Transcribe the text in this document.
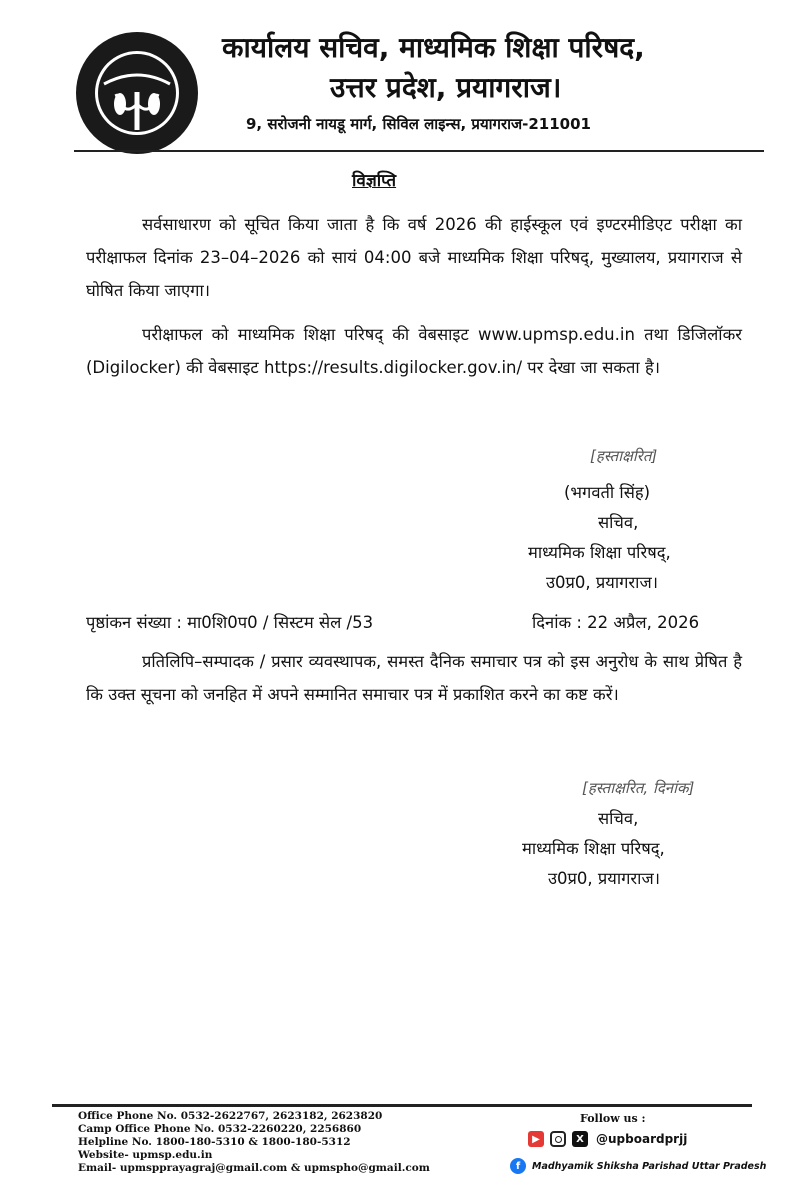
कार्यालय सचिव, माध्यमिक शिक्षा परिषद,
उत्तर प्रदेश, प्रयागराज।
9, सरोजनी नायडू मार्ग, सिविल लाइन्स, प्रयागराज-211001
विज्ञप्ति
सर्वसाधारण को सूचित किया जाता है कि वर्ष 2026 की हाईस्कूल एवं इण्टरमीडिएट परीक्षा का परीक्षाफल दिनांक 23–04–2026 को सायं 04:00 बजे माध्यमिक शिक्षा परिषद्, मुख्यालय, प्रयागराज से घोषित किया जाएगा।
परीक्षाफल को माध्यमिक शिक्षा परिषद् की वेबसाइट www.upmsp.edu.in तथा डिजिलॉकर (Digilocker) की वेबसाइट https://results.digilocker.gov.in/ पर देखा जा सकता है।
[हस्ताक्षरित]
(भगवती सिंह)
सचिव,
माध्यमिक शिक्षा परिषद्,
उ0प्र0, प्रयागराज।
पृष्ठांकन संख्या : मा0शि0प0 / सिस्टम सेल /53	दिनांक : 22 अप्रैल, 2026
प्रतिलिपि–सम्पादक / प्रसार व्यवस्थापक, समस्त दैनिक समाचार पत्र को इस अनुरोध के साथ प्रेषित है कि उक्त सूचना को जनहित में अपने सम्मानित समाचार पत्र में प्रकाशित करने का कष्ट करें।
[हस्ताक्षरित, दिनांक]
सचिव,
माध्यमिक शिक्षा परिषद्,
उ0प्र0, प्रयागराज।
Office Phone No. 0532-2622767, 2623182, 2623820
Camp Office Phone No. 0532-2260220, 2256860
Helpline No. 1800-180-5310 & 1800-180-5312
Website- upmsp.edu.in
Email- upmspprayagraj@gmail.com & upmspho@gmail.com
Follow us :
▶	X	@upboardprjj
f	Madhyamik Shiksha Parishad Uttar Pradesh
